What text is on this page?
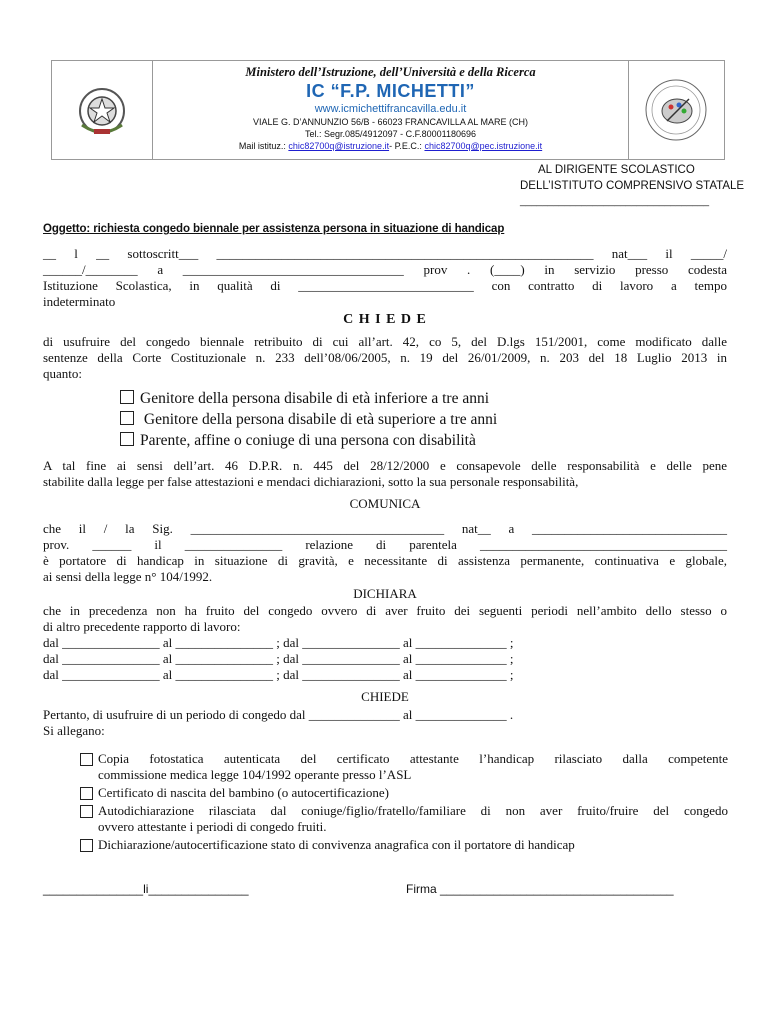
Ministero dell’Istruzione, dell’Università e della Ricerca
IC “F.P. MICHETTI”
www.icmichettifrancavilla.edu.it
VIALE G. D’ANNUNZIO 56/B - 66023 FRANCAVILLA AL MARE (CH)
Tel.: Segr.085/4912097 - C.F.80001180696
Mail istituz.: chic82700q@istruzione.it- P.E.C.: chic82700q@pec.istruzione.it
AL DIRIGENTE SCOLASTICO
DELL’ISTITUTO COMPRENSIVO STATALE
__________________________________
Oggetto: richiesta congedo biennale per assistenza persona in situazione di handicap
__ l __ sottoscritt___ __________________________________________________________ nat___ il _____/
______/________ a __________________________________ prov . (____) in servizio presso codesta
Istituzione Scolastica, in qualità di ___________________________ con contratto di lavoro a tempo
indeterminato
C H I E D E
di usufruire del congedo biennale retribuito di cui all’art. 42, co 5, del D.lgs 151/2001, come modificato dalle
sentenze della Corte Costituzionale n. 233 dell’08/06/2005, n. 19 del 26/01/2009, n. 203 del 18 Luglio 2013 in
quanto:
Genitore della persona disabile di età inferiore a tre anni
Genitore della persona disabile di età superiore a tre anni
Parente, affine o coniuge di una persona con disabilità
A tal fine ai sensi dell’art. 46 D.P.R. n. 445 del 28/12/2000 e consapevole delle responsabilità e delle pene
stabilite dalla legge per false attestazioni e mendaci dichiarazioni, sotto la sua personale responsabilità,
COMUNICA
che il / la Sig. _______________________________________ nat__ a ______________________________
prov. ______ il _______________ relazione di parentela ______________________________________
è portatore di handicap in situazione di gravità, e necessitante di assistenza permanente, continuativa e globale,
ai sensi della legge n° 104/1992.
DICHIARA
che in precedenza non ha fruito del congedo ovvero di aver fruito dei seguenti periodi nell’ambito dello stesso o
di altro precedente rapporto di lavoro:
dal _______________ al _______________ ; dal _______________ al ______________ ;
dal _______________ al _______________ ; dal _______________ al ______________ ;
dal _______________ al _______________ ; dal _______________ al ______________ ;
CHIEDE
Pertanto, di usufruire di un periodo di congedo dal ______________ al ______________ .
Si allegano:
Copia fotostatica autenticata del certificato attestante l’handicap rilasciato dalla competente
commissione medica legge 104/1992 operante presso l’ASL
Certificato di nascita del bambino (o autocertificazione)
Autodichiarazione rilasciata dal coniuge/figlio/fratello/familiare di non aver fruito/fruire del congedo
ovvero attestante i periodi di congedo fruiti.
Dichiarazione/autocertificazione stato di convivenza anagrafica con il portatore di handicap
_______________li_______________	Firma ___________________________________
